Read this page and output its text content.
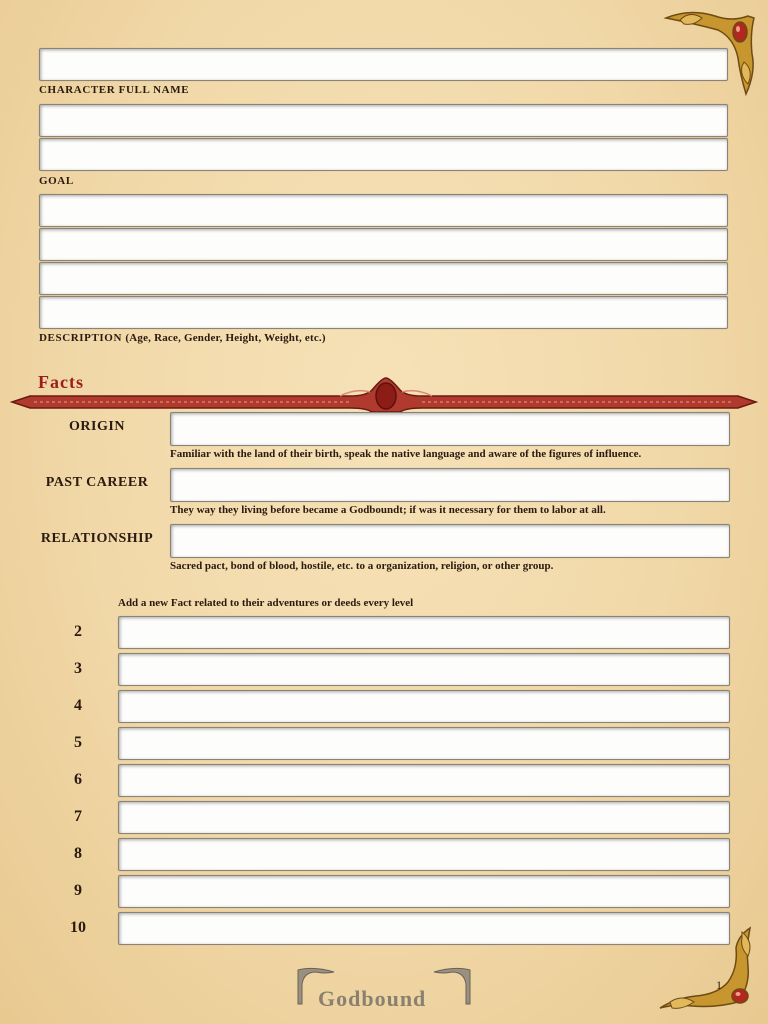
CHARACTER FULL NAME
GOAL
DESCRIPTION (Age, Race, Gender, Height, Weight, etc.)
Facts
ORIGIN
Familiar with the land of their birth, speak the native language and aware of the figures of influence.
PAST CAREER
They way they living before became a Godboundt; if was it necessary for them to labor at all.
RELATIONSHIP
Sacred pact, bond of blood, hostile, etc. to a organization, religion, or other group.
Add a new Fact related to their adventures or deeds every level
2
3
4
5
6
7
8
9
10
Godbound
1
